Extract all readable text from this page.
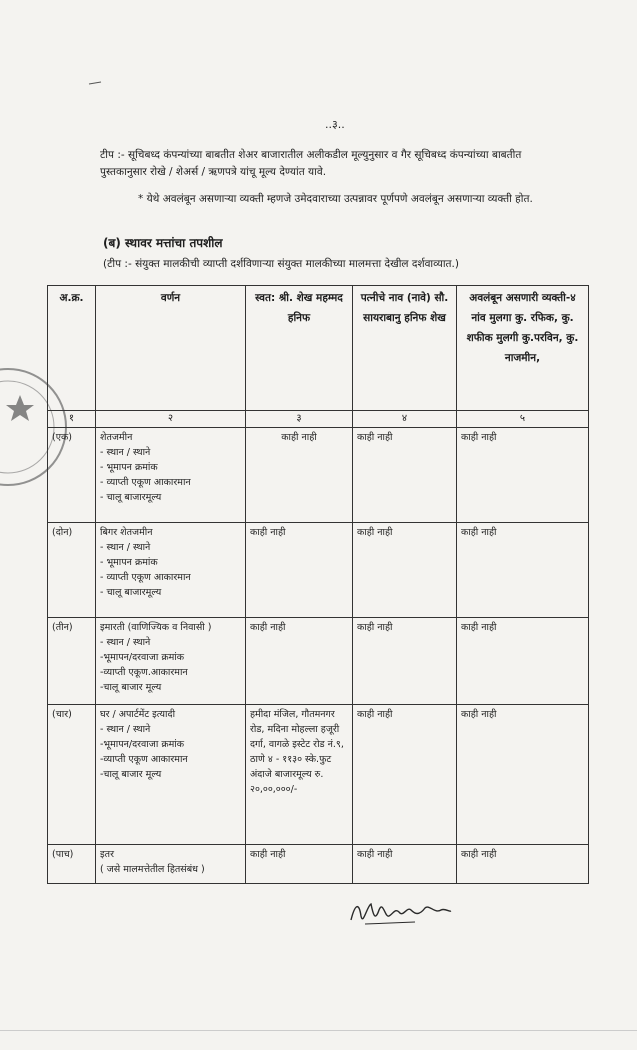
..३..
टीप :- सूचिबध्द कंपन्यांच्या बाबतीत शेअर बाजारातील अलीकडील मूल्युनुसार व गैर सूचिबध्द कंपन्यांच्या बाबतीत पुस्तकानुसार रोखे / शेअर्स / ऋणपत्रे यांचू मूल्य देण्यांत यावे.
* येथे अवलंबून असणाऱ्या व्यक्ती म्हणजे उमेदवाराच्या उत्पन्नावर पूर्णपणे अवलंबून असणाऱ्या व्यक्ती होत.
(ब) स्थावर मत्तांचा तपशील
(टीप :- संयुक्त मालकीची व्याप्ती दर्शविणाऱ्या संयुक्त मालकीच्या मालमत्ता देखील दर्शवाव्यात.)
अ.क्र.	वर्णन	स्वत: श्री. शेख महम्मद हनिफ	पत्नीचे नाव (नावे) सौ. सायराबानु हनिफ शेख	अवलंबून असणारी व्यक्ती-४ नांव मुलगा कु. रफिक, कु. शफीक मुलगी कु.परविन, कु. नाजमीन,
१	२	३	४	५
(एक)	शेतजमीन
- स्थान / स्थाने
- भूमापन क्रमांक
- व्याप्ती एकूण आकारमान
- चालू बाजारमूल्य	काही नाही	काही नाही	काही नाही
(दोन)	बिगर शेतजमीन
- स्थान / स्थाने
- भूमापन क्रमांक
- व्याप्ती एकूण आकारमान
- चालू बाजारमूल्य	काही नाही	काही नाही	काही नाही
(तीन)	इमारती (वाणिज्यिक व निवासी )
- स्थान / स्थाने
-भूमापन/दरवाजा क्रमांक
-व्याप्ती एकूण.आकारमान
-चालू बाजार मूल्य	काही नाही	काही नाही	काही नाही
(चार)	घर / अपार्टमेंट इत्यादी
- स्थान / स्थाने
-भूमापन/दरवाजा क्रमांक
-व्याप्ती एकूण आकारमान
-चालू बाजार मूल्य	हमीदा मंजिल, गौतमनगर रोड, मदिना मोहल्ला हजूरी दर्गा, वागळे इस्टेट रोड नं.९, ठाणे ४ - ११३० स्के.फुट अंदाजे बाजारमूल्य रु. २०,००,०००/-	काही नाही	काही नाही
(पाच)	इतर
( जसे मालमत्तेतील हितसंबंध )	काही नाही	काही नाही	काही नाही
